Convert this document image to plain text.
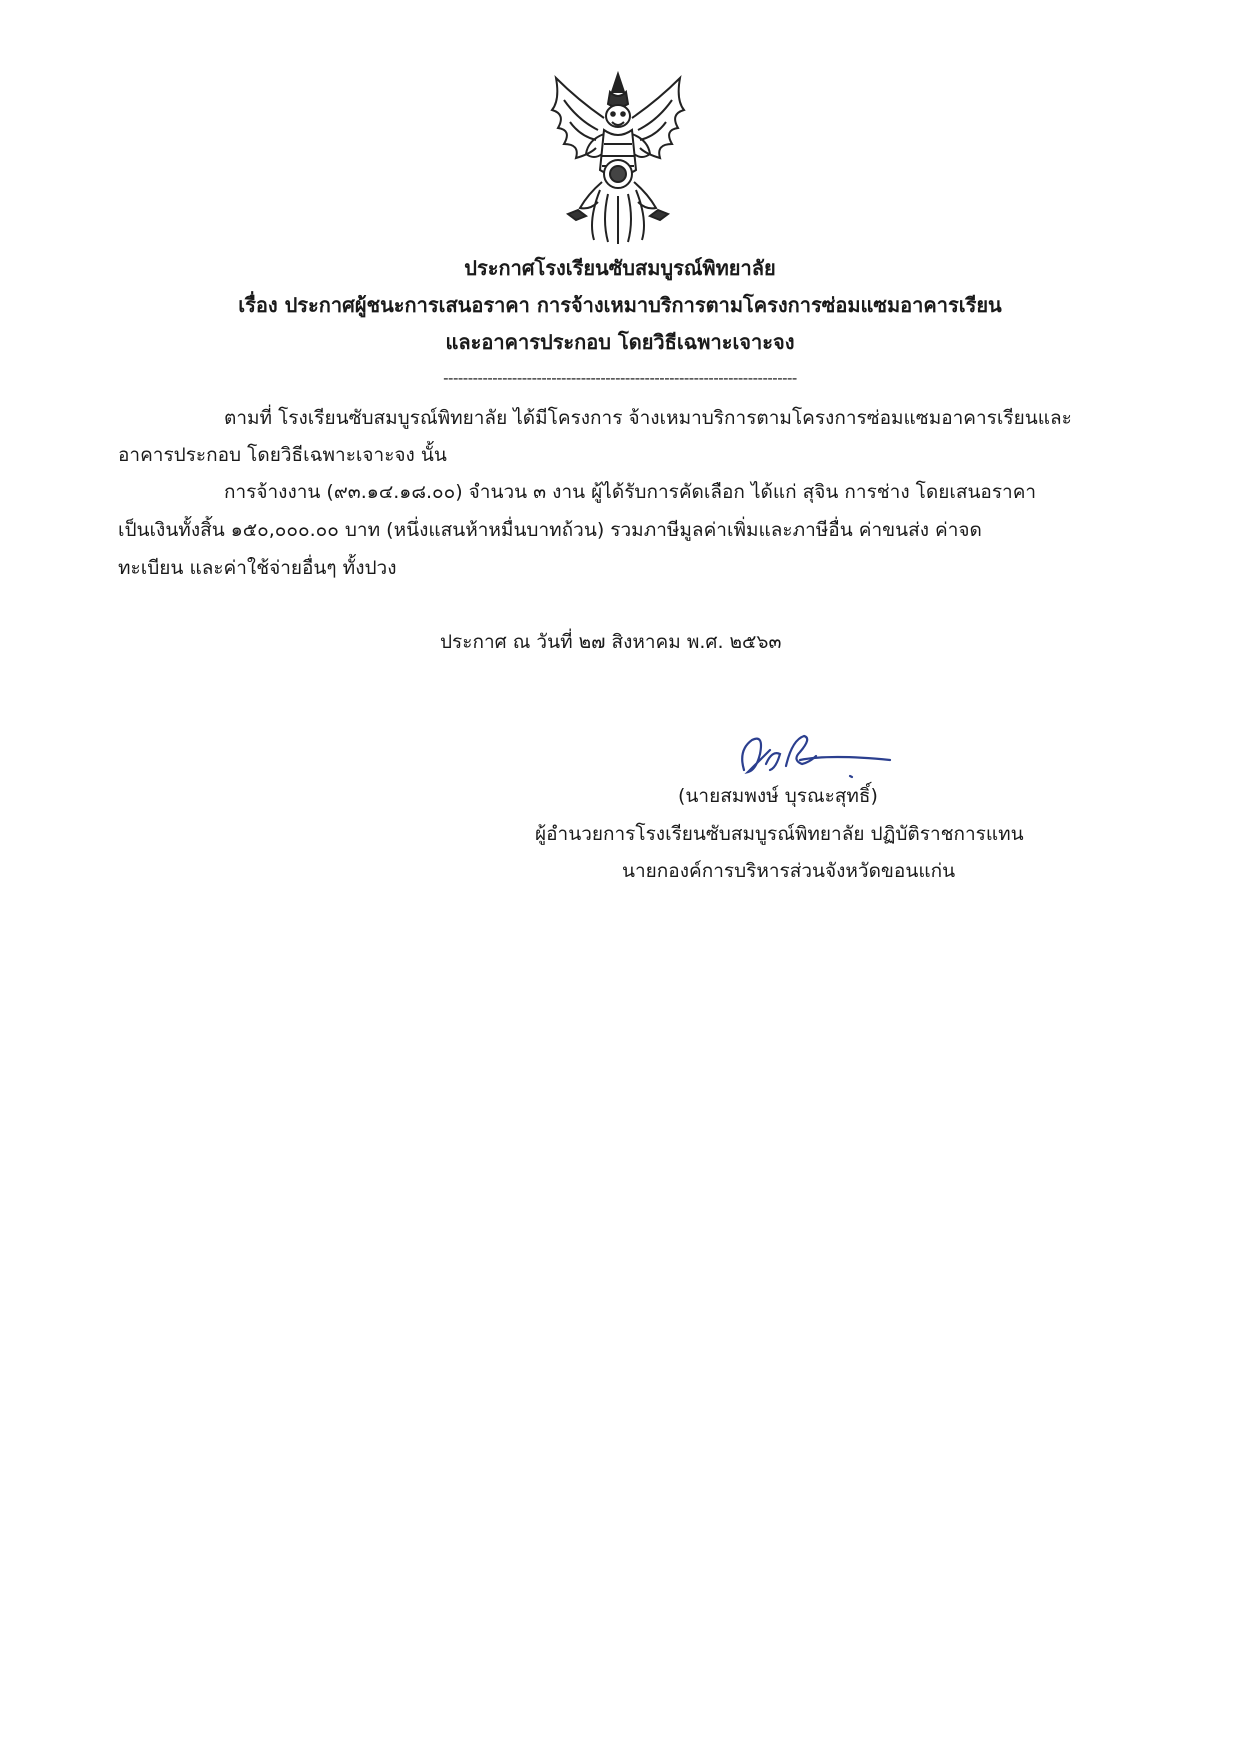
ประกาศโรงเรียนซับสมบูรณ์พิทยาลัย
เรื่อง ประกาศผู้ชนะการเสนอราคา การจ้างเหมาบริการตามโครงการซ่อมแซมอาคารเรียน
และอาคารประกอบ โดยวิธีเฉพาะเจาะจง
------------------------------------------------------------------------
ตามที่ โรงเรียนซับสมบูรณ์พิทยาลัย ได้มีโครงการ จ้างเหมาบริการตามโครงการซ่อมแซมอาคารเรียนและ
อาคารประกอบ โดยวิธีเฉพาะเจาะจง นั้น
การจ้างงาน (๙๓.๑๔.๑๘.๐๐) จำนวน ๓ งาน ผู้ได้รับการคัดเลือก ได้แก่ สุจิน การช่าง โดยเสนอราคา
เป็นเงินทั้งสิ้น ๑๕๐,๐๐๐.๐๐ บาท (หนึ่งแสนห้าหมื่นบาทถ้วน) รวมภาษีมูลค่าเพิ่มและภาษีอื่น ค่าขนส่ง ค่าจด
ทะเบียน และค่าใช้จ่ายอื่นๆ ทั้งปวง
ประกาศ ณ วันที่ ๒๗ สิงหาคม พ.ศ. ๒๕๖๓
(นายสมพงษ์ บุรณะสุทธิ์)
ผู้อำนวยการโรงเรียนซับสมบูรณ์พิทยาลัย ปฏิบัติราชการแทน
นายกองค์การบริหารส่วนจังหวัดขอนแก่น
